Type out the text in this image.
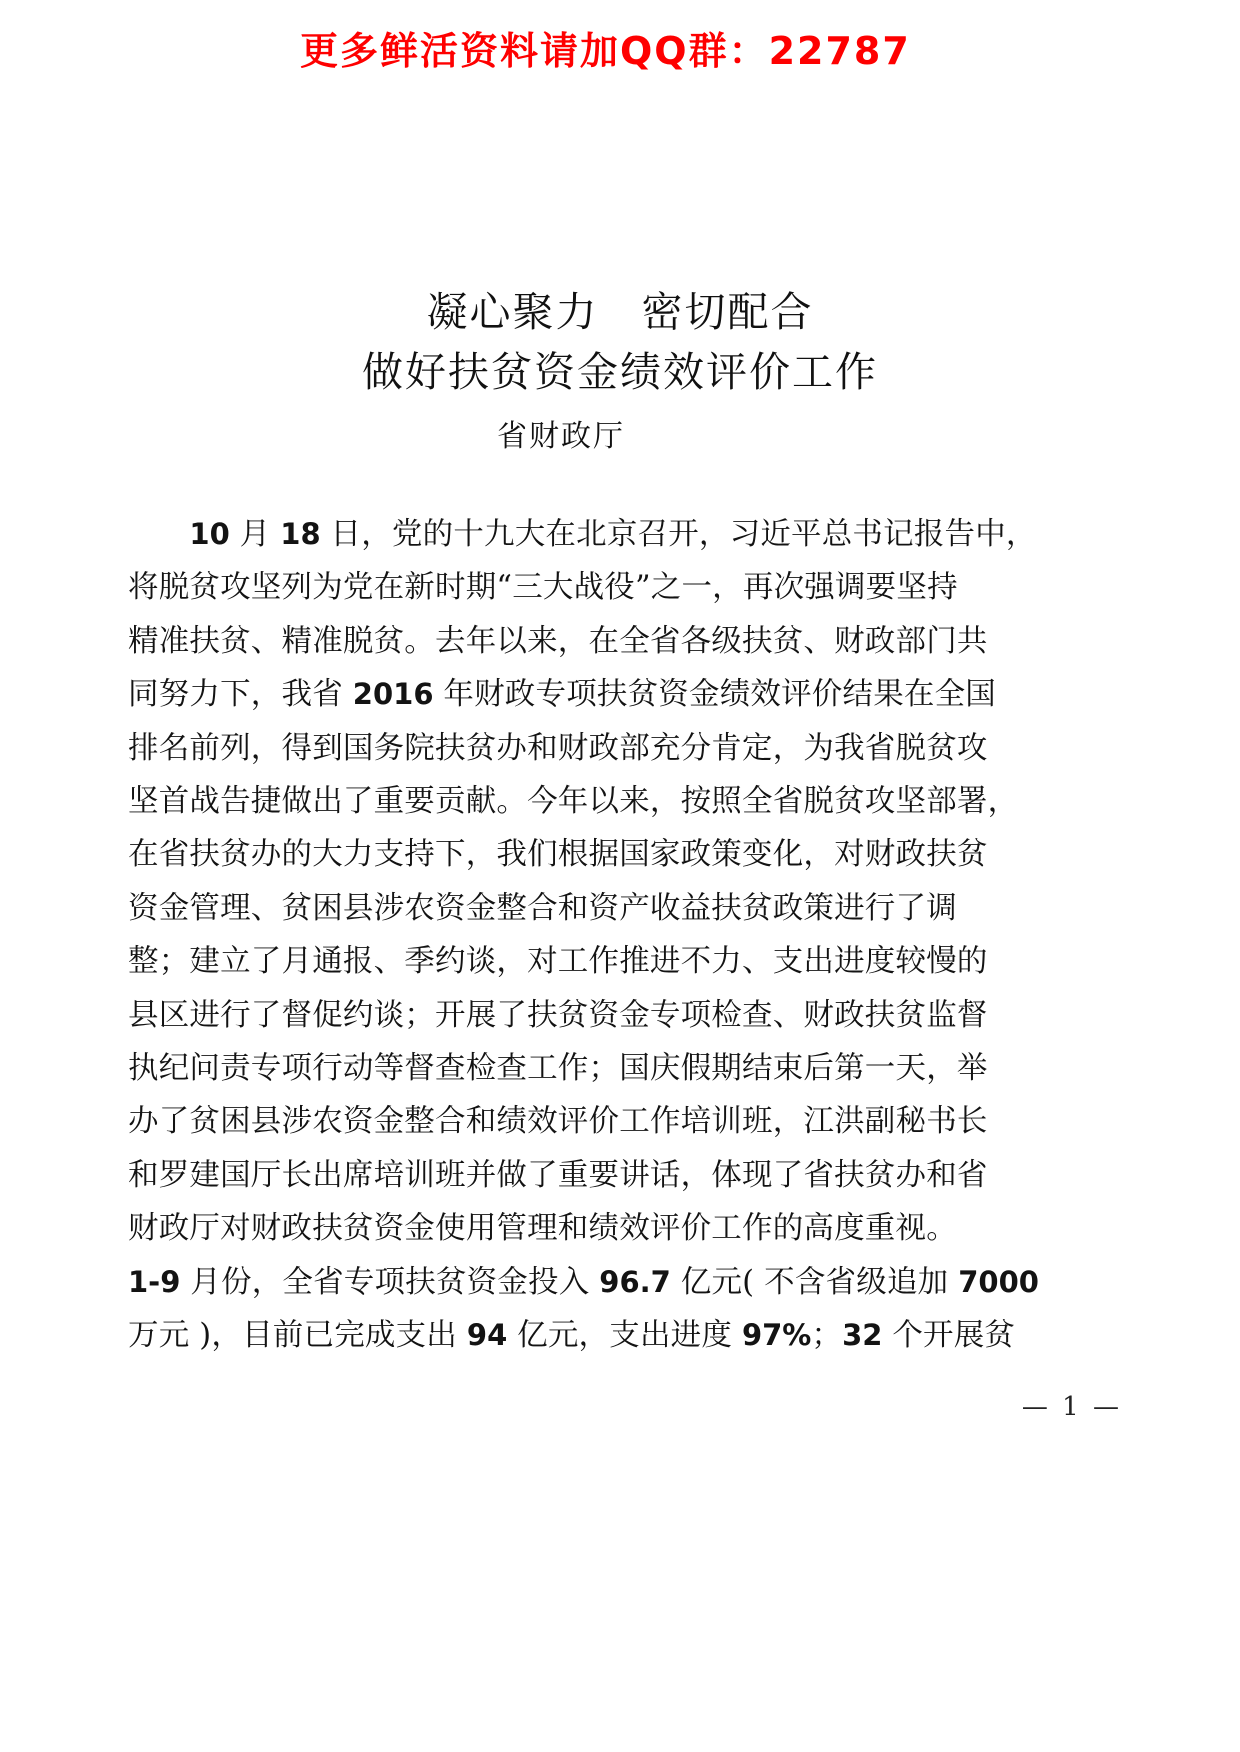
更多鲜活资料请加QQ群：22787
凝心聚力　密切配合
做好扶贫资金绩效评价工作
省财政厅
　　10 月 18 日，党的十九大在北京召开，习近平总书记报告中，
将脱贫攻坚列为党在新时期“三大战役”之一，再次强调要坚持
精准扶贫、精准脱贫。去年以来，在全省各级扶贫、财政部门共
同努力下，我省 2016 年财政专项扶贫资金绩效评价结果在全国
排名前列，得到国务院扶贫办和财政部充分肯定，为我省脱贫攻
坚首战告捷做出了重要贡献。今年以来，按照全省脱贫攻坚部署，
在省扶贫办的大力支持下，我们根据国家政策变化，对财政扶贫
资金管理、贫困县涉农资金整合和资产收益扶贫政策进行了调
整；建立了月通报、季约谈，对工作推进不力、支出进度较慢的
县区进行了督促约谈；开展了扶贫资金专项检查、财政扶贫监督
执纪问责专项行动等督查检查工作；国庆假期结束后第一天，举
办了贫困县涉农资金整合和绩效评价工作培训班，江洪副秘书长
和罗建国厅长出席培训班并做了重要讲话，体现了省扶贫办和省
财政厅对财政扶贫资金使用管理和绩效评价工作的高度重视。
1-9 月份，全省专项扶贫资金投入 96.7 亿元( 不含省级追加 7000
万元 )，目前已完成支出 94 亿元，支出进度 97%；32 个开展贫
— 1 —
